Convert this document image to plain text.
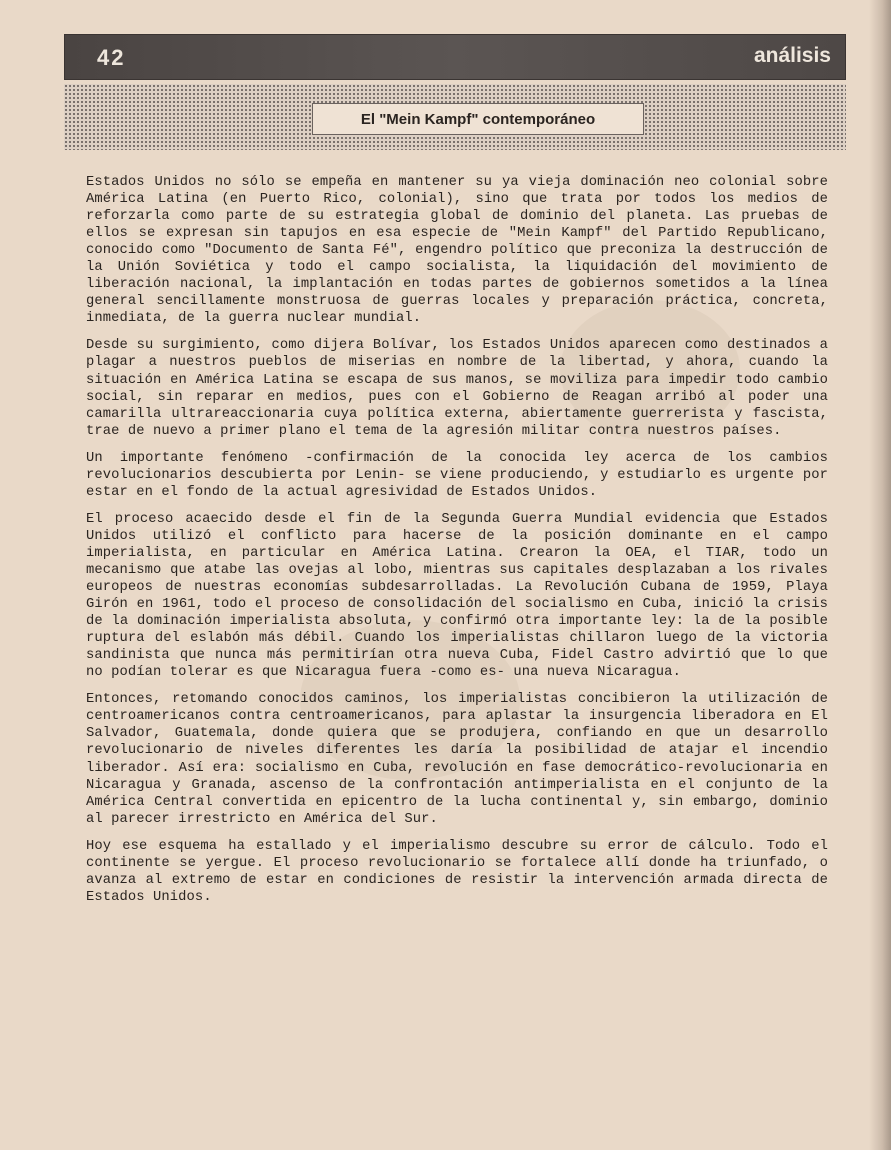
42	análisis
El "Mein Kampf" contemporáneo

Estados Unidos no sólo se empeña en mantener su ya vieja dominación neo colonial sobre América Latina (en Puerto Rico, colonial), sino que trata por todos los medios de reforzarla como parte de su estrategia global de dominio del planeta. Las pruebas de ellos se expresan sin tapujos en esa especie de "Mein Kampf" del Partido Republicano, conocido como "Documento de Santa Fé", engendro político que preconiza la destrucción de la Unión Soviética y todo el campo socialista, la liquidación del movimiento de liberación nacional, la implantación en todas partes de gobiernos sometidos a la línea general sencillamente monstruosa de guerras locales y preparación práctica, concreta, inmediata, de la guerra nuclear mundial.

Desde su surgimiento, como dijera Bolívar, los Estados Unidos aparecen como destinados a plagar a nuestros pueblos de miserias en nombre de la libertad, y ahora, cuando la situación en América Latina se escapa de sus manos, se moviliza para impedir todo cambio social, sin reparar en medios, pues con el Gobierno de Reagan arribó al poder una camarilla ultrareaccionaria cuya política externa, abiertamente guerrerista y fascista, trae de nuevo a primer plano el tema de la agresión militar contra nuestros países.

Un importante fenómeno -confirmación de la conocida ley acerca de los cambios revolucionarios descubierta por Lenin- se viene produciendo, y estudiarlo es urgente por estar en el fondo de la actual agresividad de Estados Unidos.

El proceso acaecido desde el fin de la Segunda Guerra Mundial evidencia que Estados Unidos utilizó el conflicto para hacerse de la posición dominante en el campo imperialista, en particular en América Latina. Crearon la OEA, el TIAR, todo un mecanismo que atabe las ovejas al lobo, mientras sus capitales desplazaban a los rivales europeos de nuestras economías subdesarrolladas. La Revolución Cubana de 1959, Playa Girón en 1961, todo el proceso de consolidación del socialismo en Cuba, inició la crisis de la dominación imperialista absoluta, y confirmó otra importante ley: la de la posible ruptura del eslabón más débil. Cuando los imperialistas chillaron luego de la victoria sandinista que nunca más permitirían otra nueva Cuba, Fidel Castro advirtió que lo que no podían tolerar es que Nicaragua fuera -como es- una nueva Nicaragua.

Entonces, retomando conocidos caminos, los imperialistas concibieron la utilización de centroamericanos contra centroamericanos, para aplastar la insurgencia liberadora en El Salvador, Guatemala, donde quiera que se produjera, confiando en que un desarrollo revolucionario de niveles diferentes les daría la posibilidad de atajar el incendio liberador. Así era: socialismo en Cuba, revolución en fase democrático-revolucionaria en Nicaragua y Granada, ascenso de la confrontación antimperialista en el conjunto de la América Central convertida en epicentro de la lucha continental y, sin embargo, dominio al parecer irrestricto en América del Sur.

Hoy ese esquema ha estallado y el imperialismo descubre su error de cálculo. Todo el continente se yergue. El proceso revolucionario se fortalece allí donde ha triunfado, o avanza al extremo de estar en condiciones de resistir la intervención armada directa de Estados Unidos.
